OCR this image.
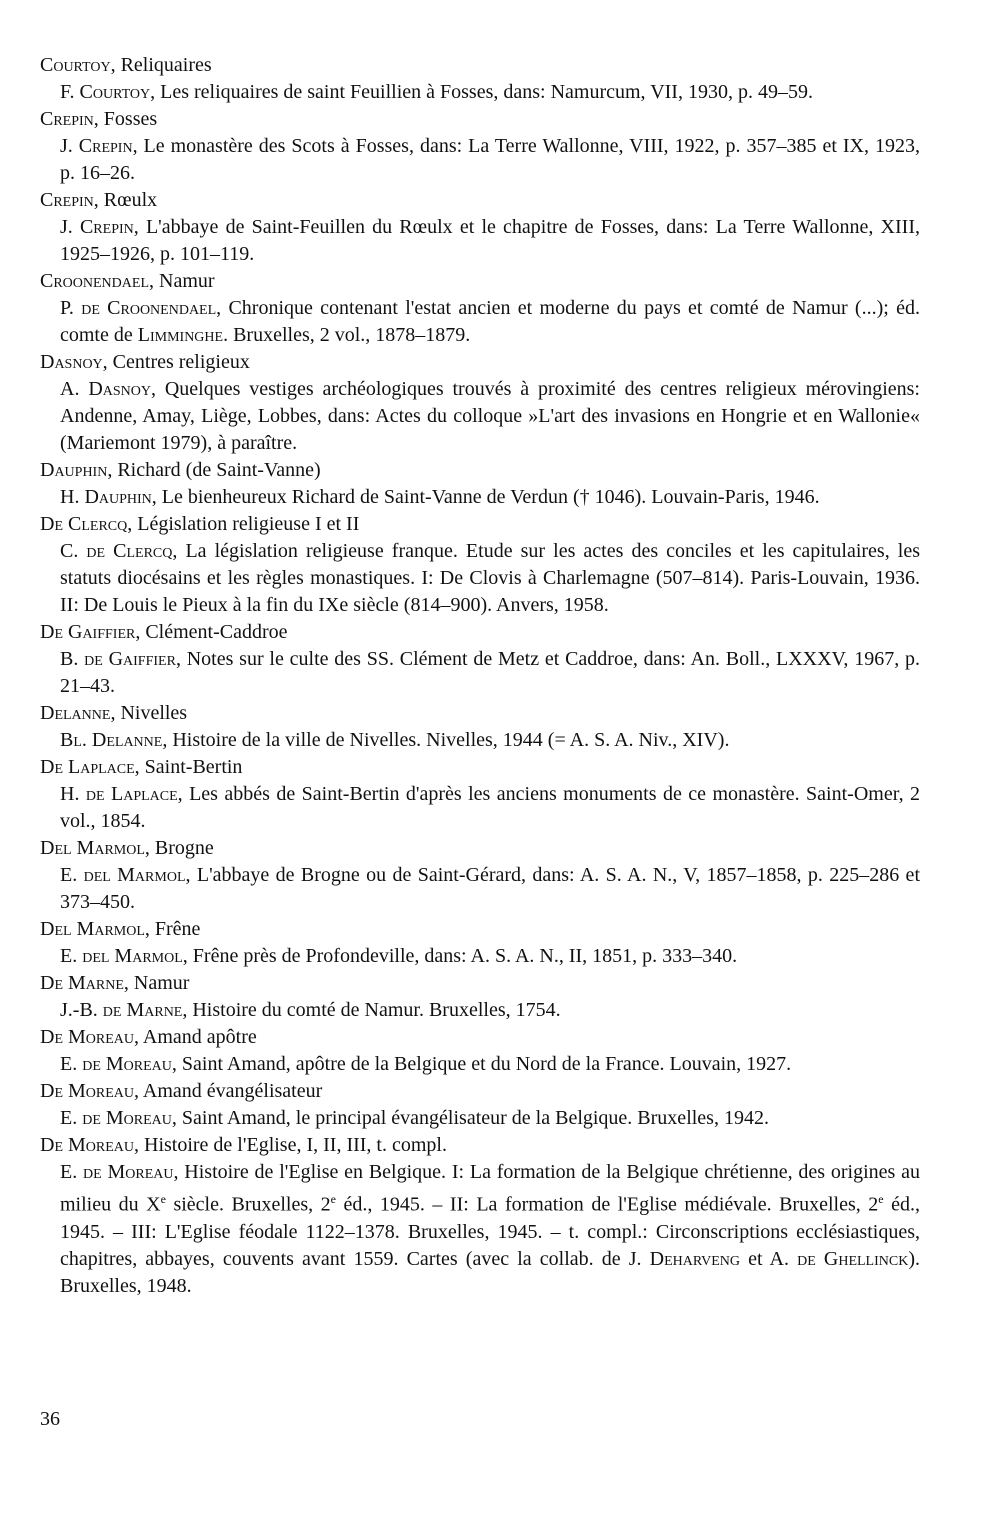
Courtoy, Reliquaires

F. Courtoy, Les reliquaires de saint Feuillien à Fosses, dans: Namurcum, VII, 1930, p. 49–59.

Crepin, Fosses

J. Crepin, Le monastère des Scots à Fosses, dans: La Terre Wallonne, VIII, 1922, p. 357–385 et IX, 1923, p. 16–26.

Crepin, Rœulx

J. Crepin, L'abbaye de Saint-Feuillen du Rœulx et le chapitre de Fosses, dans: La Terre Wallonne, XIII, 1925–1926, p. 101–119.

Croonendael, Namur

P. de Croonendael, Chronique contenant l'estat ancien et moderne du pays et comté de Namur (...); éd. comte de Limminghe. Bruxelles, 2 vol., 1878–1879.

Dasnoy, Centres religieux

A. Dasnoy, Quelques vestiges archéologiques trouvés à proximité des centres religieux mérovingiens: Andenne, Amay, Liège, Lobbes, dans: Actes du colloque »L'art des invasions en Hongrie et en Wallonie« (Mariemont 1979), à paraître.

Dauphin, Richard (de Saint-Vanne)

H. Dauphin, Le bienheureux Richard de Saint-Vanne de Verdun († 1046). Louvain-Paris, 1946.

De Clercq, Législation religieuse I et II

C. de Clercq, La législation religieuse franque. Etude sur les actes des conciles et les capitulaires, les statuts diocésains et les règles monastiques. I: De Clovis à Charlemagne (507–814). Paris-Louvain, 1936. II: De Louis le Pieux à la fin du IXe siècle (814–900). Anvers, 1958.

De Gaiffier, Clément-Caddroe

B. de Gaiffier, Notes sur le culte des SS. Clément de Metz et Caddroe, dans: An. Boll., LXXXV, 1967, p. 21–43.

Delanne, Nivelles

Bl. Delanne, Histoire de la ville de Nivelles. Nivelles, 1944 (= A. S. A. Niv., XIV).

De Laplace, Saint-Bertin

H. de Laplace, Les abbés de Saint-Bertin d'après les anciens monuments de ce monastère. Saint-Omer, 2 vol., 1854.

Del Marmol, Brogne

E. del Marmol, L'abbaye de Brogne ou de Saint-Gérard, dans: A. S. A. N., V, 1857–1858, p. 225–286 et 373–450.

Del Marmol, Frêne

E. del Marmol, Frêne près de Profondeville, dans: A. S. A. N., II, 1851, p. 333–340.

De Marne, Namur

J.-B. de Marne, Histoire du comté de Namur. Bruxelles, 1754.

De Moreau, Amand apôtre

E. de Moreau, Saint Amand, apôtre de la Belgique et du Nord de la France. Louvain, 1927.

De Moreau, Amand évangélisateur

E. de Moreau, Saint Amand, le principal évangélisateur de la Belgique. Bruxelles, 1942.

De Moreau, Histoire de l'Eglise, I, II, III, t. compl.

E. de Moreau, Histoire de l'Eglise en Belgique. I: La formation de la Belgique chrétienne, des origines au milieu du Xe siècle. Bruxelles, 2e éd., 1945. – II: La formation de l'Eglise médiévale. Bruxelles, 2e éd., 1945. – III: L'Eglise féodale 1122–1378. Bruxelles, 1945. – t. compl.: Circonscriptions ecclésiastiques, chapitres, abbayes, couvents avant 1559. Cartes (avec la collab. de J. Deharveng et A. de Ghellinck). Bruxelles, 1948.

36
